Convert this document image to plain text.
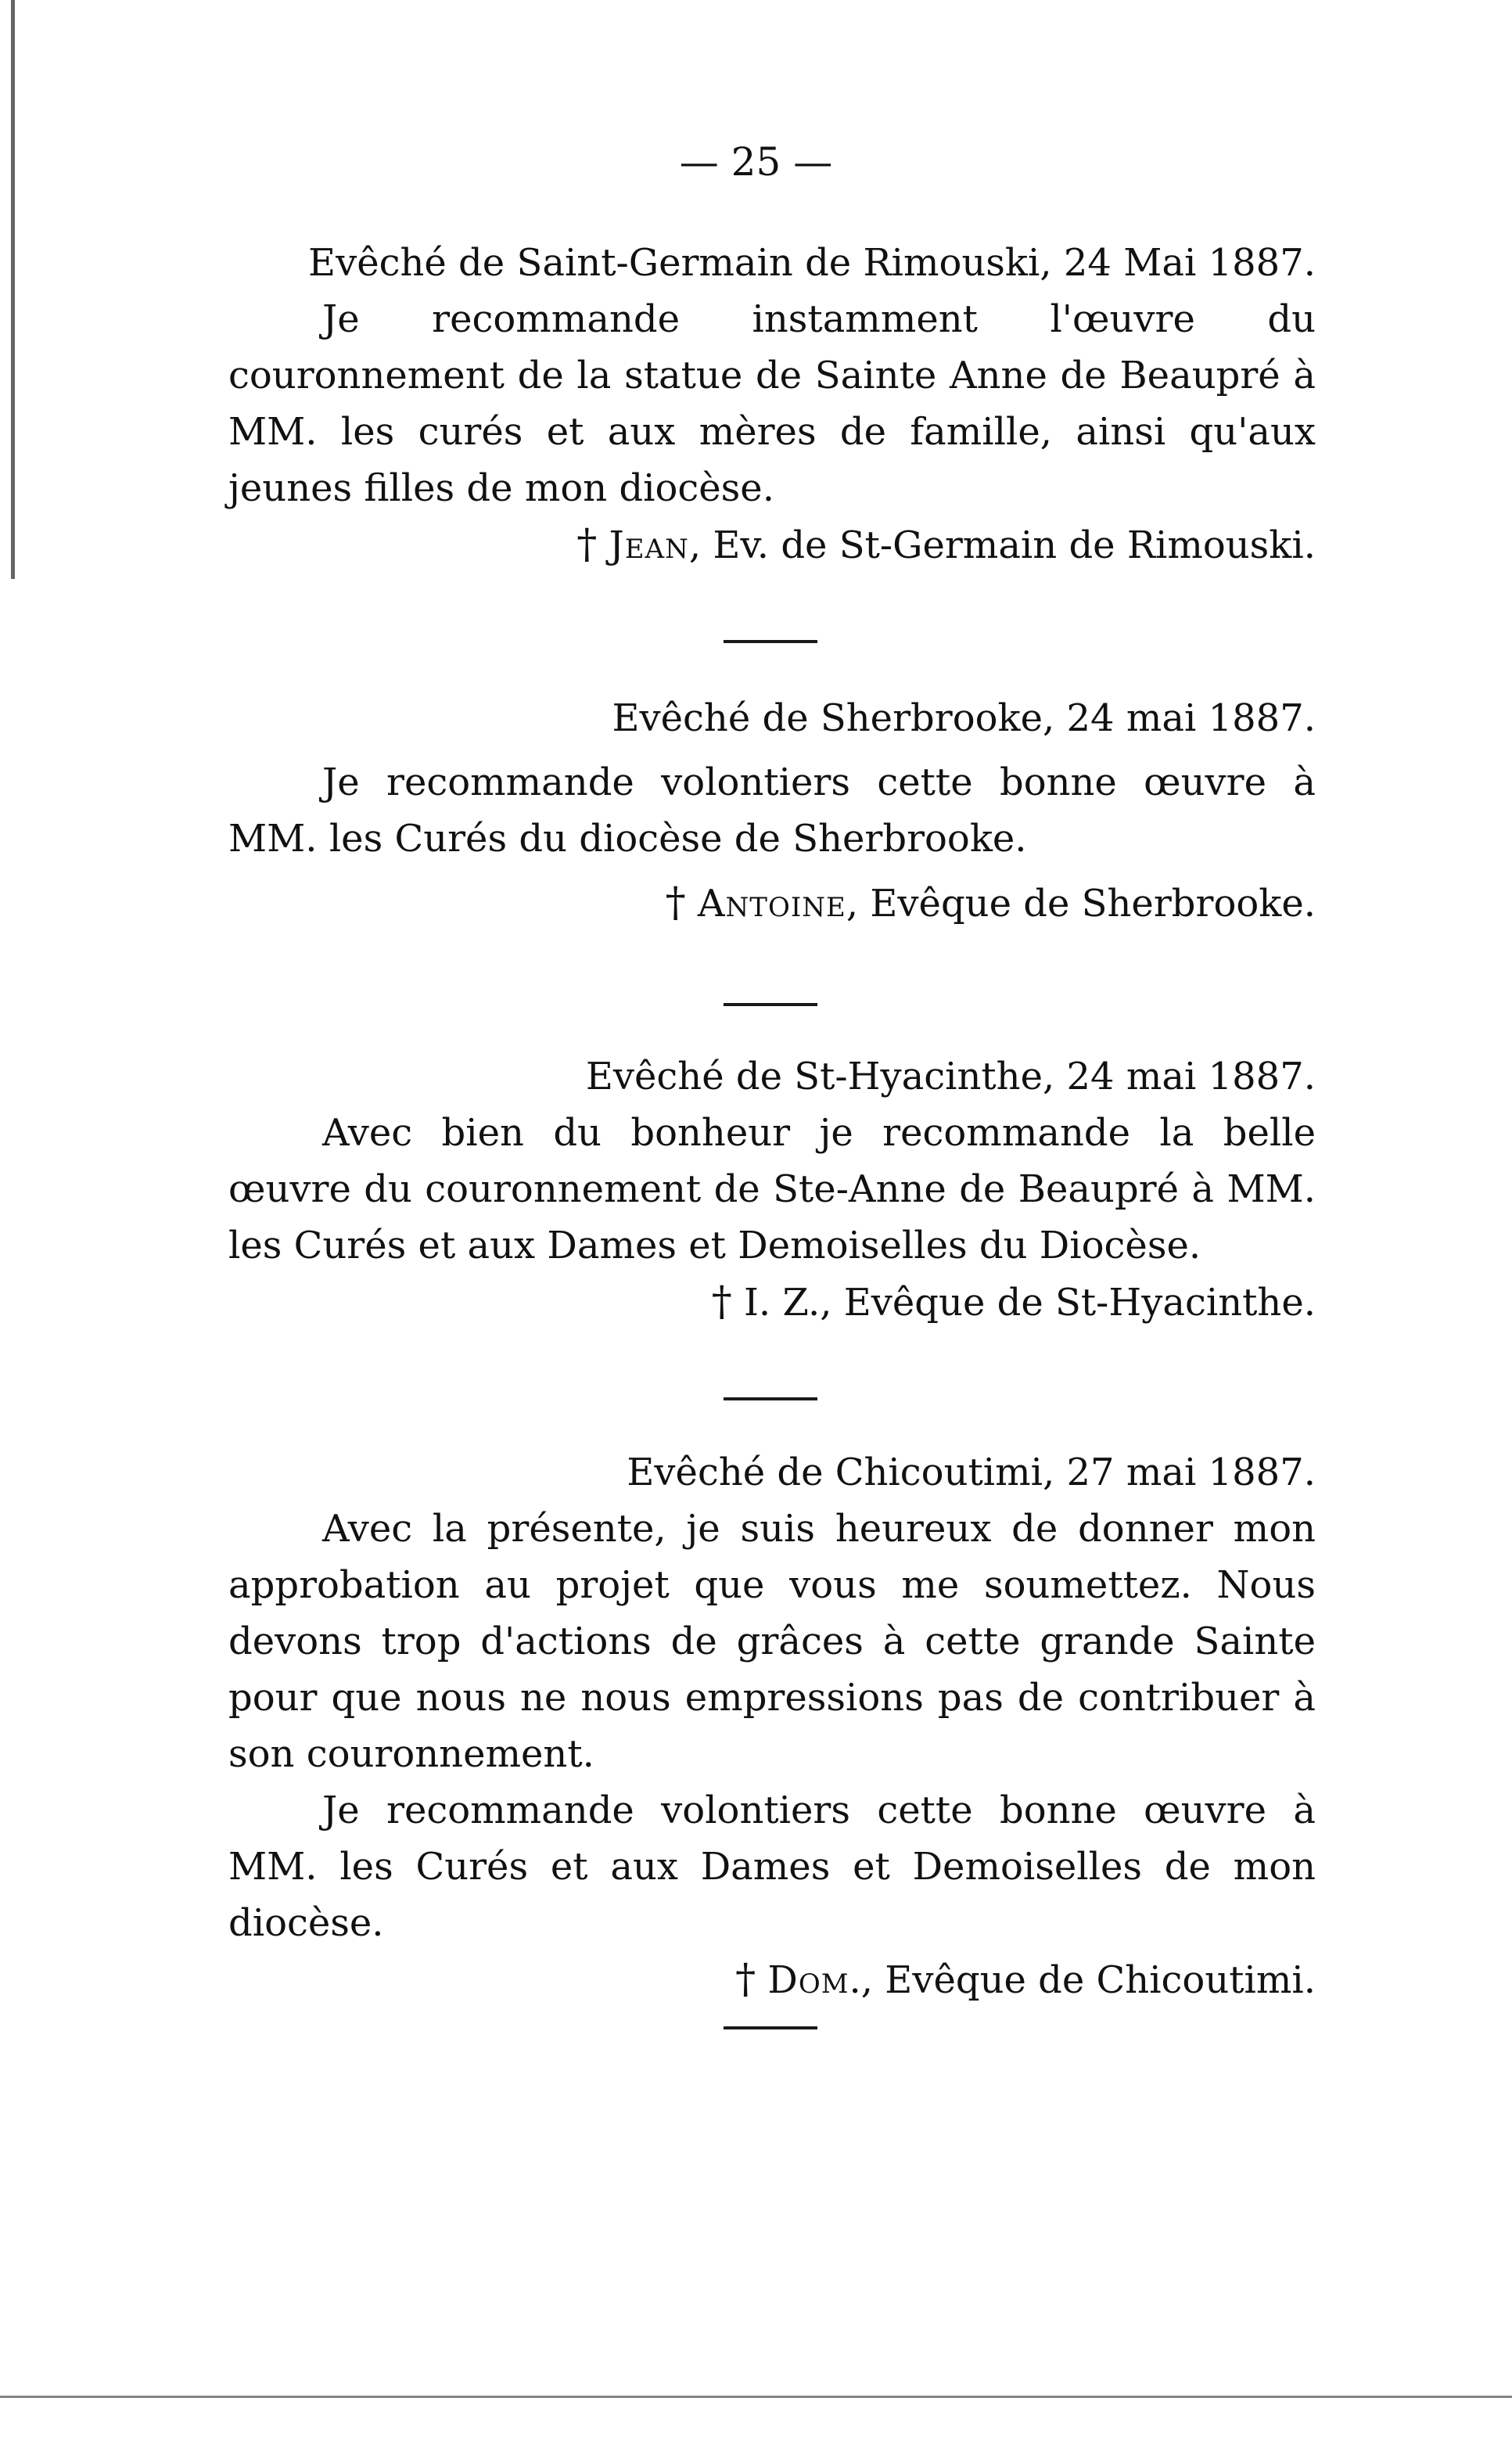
— 25 —

Evêché de Saint-Germain de Rimouski, 24 Mai 1887.

Je recommande instamment l'œuvre du couronnement de la statue de Sainte Anne de Beaupré à MM. les curés et aux mères de famille, ainsi qu'aux jeunes filles de mon diocèse.

† Jean, Ev. de St-Germain de Rimouski.

Evêché de Sherbrooke, 24 mai 1887.

Je recommande volontiers cette bonne œuvre à MM. les Curés du diocèse de Sherbrooke.

† Antoine, Evêque de Sherbrooke.

Evêché de St-Hyacinthe, 24 mai 1887.

Avec bien du bonheur je recommande la belle œuvre du couronnement de Ste-Anne de Beaupré à MM. les Curés et aux Dames et Demoiselles du Diocèse.

† I. Z., Evêque de St-Hyacinthe.

Evêché de Chicoutimi, 27 mai 1887.

Avec la présente, je suis heureux de donner mon approbation au projet que vous me soumettez. Nous devons trop d'actions de grâces à cette grande Sainte pour que nous ne nous empressions pas de contribuer à son couronnement.

Je recommande volontiers cette bonne œuvre à MM. les Curés et aux Dames et Demoiselles de mon diocèse.

† Dom., Evêque de Chicoutimi.
